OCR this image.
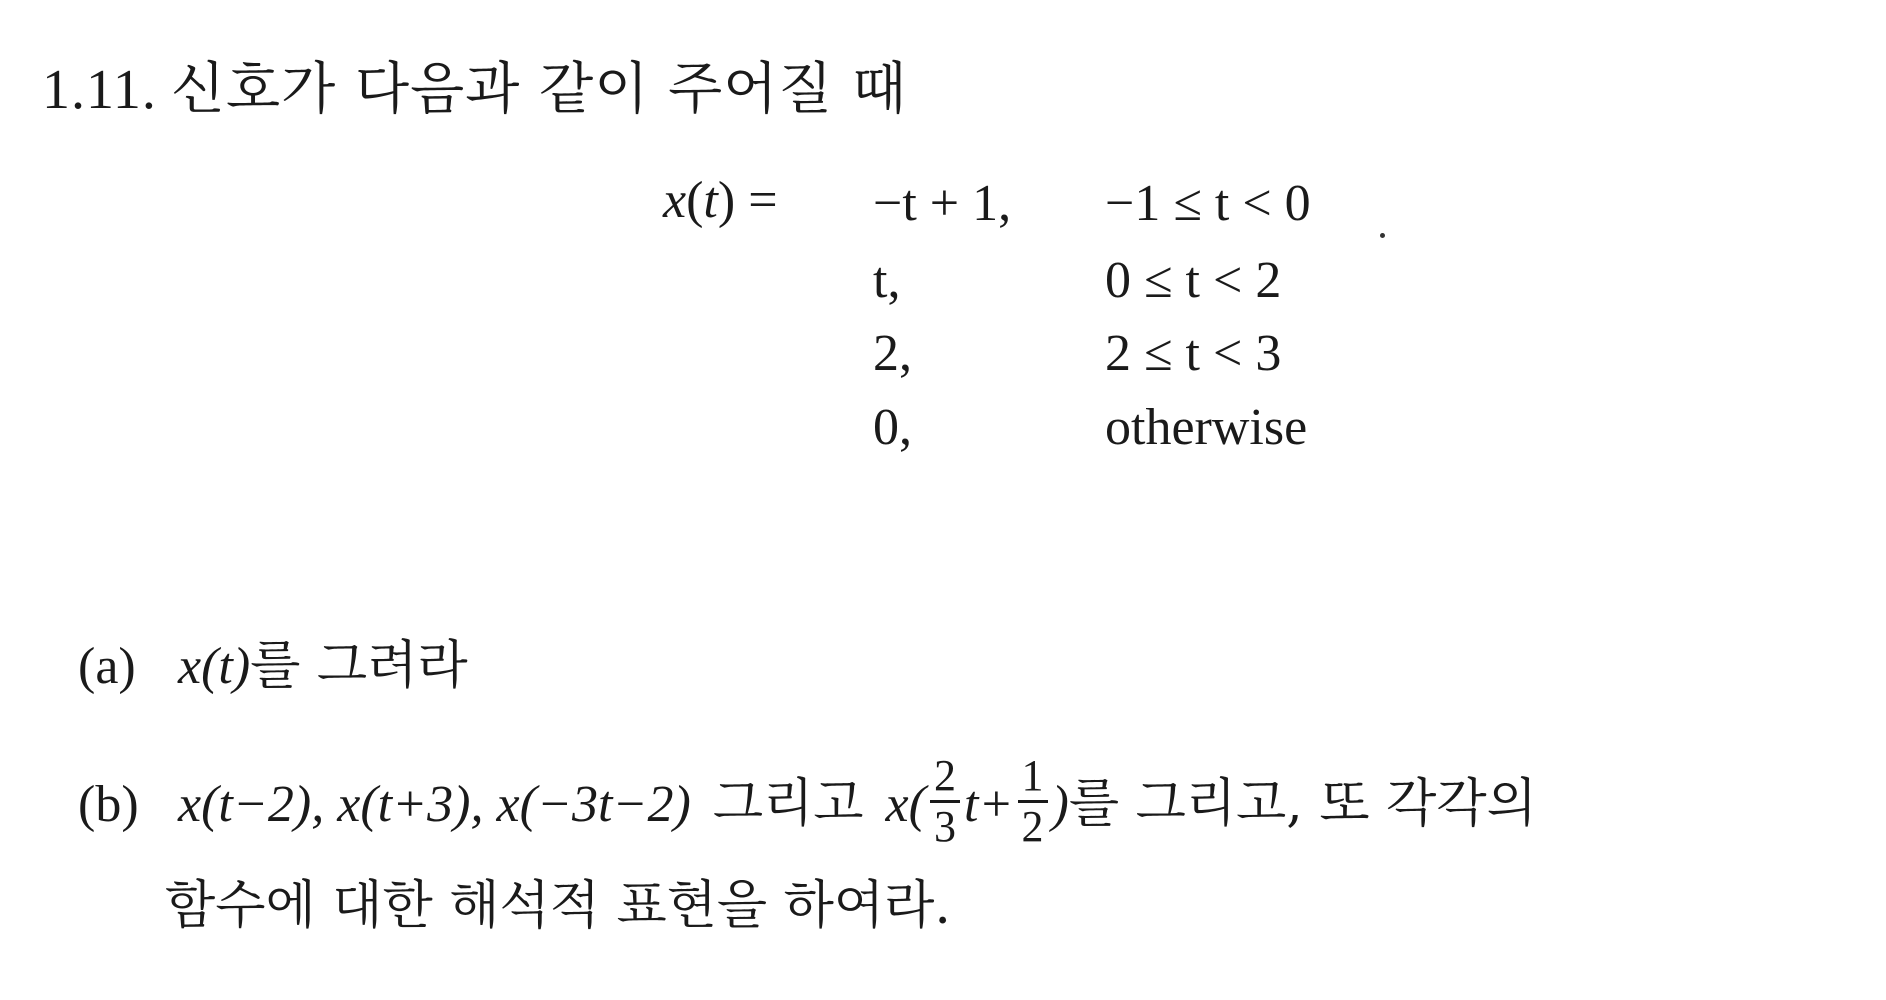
1.11. 신호가 다음과 같이 주어질 때
x(t) = −t + 1, −1 ≤ t < 0
t,	0 ≤ t < 2
2,	2 ≤ t < 3
0,	otherwise
(a) x(t)를 그려라
(b) x(t−2), x(t+3), x(−3t−2) 그리고 $x( \frac{2}{3} t+ \frac{1}{2}$ )를 그리고, 또 각각의
함수에 대한 해석적 표현을 하여라.
